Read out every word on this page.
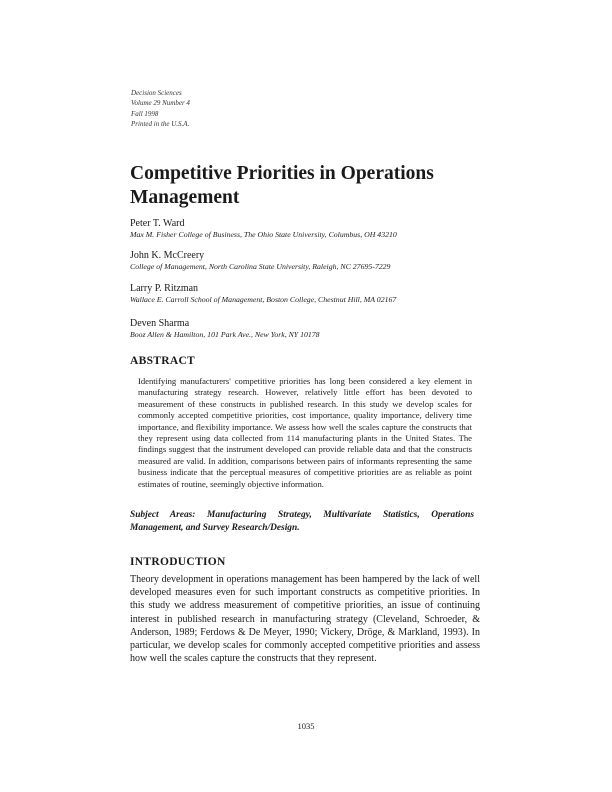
Decision Sciences
Volume 29 Number 4
Fall 1998
Printed in the U.S.A.
Competitive Priorities in Operations Management
Peter T. Ward
Max M. Fisher College of Business, The Ohio State University, Columbus, OH 43210
John K. McCreery
College of Management, North Carolina State University, Raleigh, NC 27695-7229
Larry P. Ritzman
Wallace E. Carroll School of Management, Boston College, Chestnut Hill, MA 02167
Deven Sharma
Booz Allen & Hamilton, 101 Park Ave., New York, NY 10178
ABSTRACT

Identifying manufacturers' competitive priorities has long been considered a key element in manufacturing strategy research. However, relatively little effort has been devoted to measurement of these constructs in published research. In this study we develop scales for commonly accepted competitive priorities, cost importance, quality importance, delivery time importance, and flexibility importance. We assess how well the scales capture the constructs that they represent using data collected from 114 manufacturing plants in the United States. The findings suggest that the instrument developed can provide reliable data and that the constructs measured are valid. In addition, comparisons between pairs of informants representing the same business indicate that the perceptual measures of competitive priorities are as reliable as point estimates of routine, seemingly objective information.

Subject Areas: Manufacturing Strategy, Multivariate Statistics, Operations Management, and Survey Research/Design.

INTRODUCTION

Theory development in operations management has been hampered by the lack of well developed measures even for such important constructs as competitive priorities. In this study we address measurement of competitive priorities, an issue of continuing interest in published research in manufacturing strategy (Cleveland, Schroeder, & Anderson, 1989; Ferdows & De Meyer, 1990; Vickery, Dröge, & Markland, 1993). In particular, we develop scales for commonly accepted competitive priorities and assess how well the scales capture the constructs that they represent.

1035
